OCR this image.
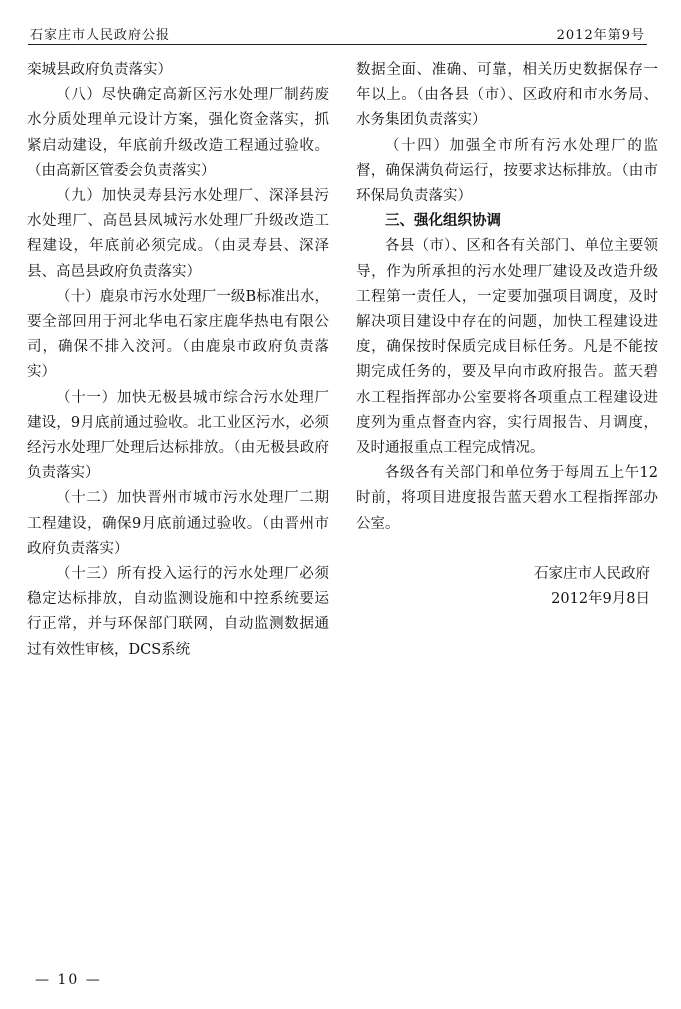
石家庄市人民政府公报	2012年第9号

栾城县政府负责落实）

（八）尽快确定高新区污水处理厂制药废水分质处理单元设计方案，强化资金落实，抓紧启动建设，年底前升级改造工程通过验收。（由高新区管委会负责落实）

（九）加快灵寿县污水处理厂、深泽县污水处理厂、高邑县凤城污水处理厂升级改造工程建设，年底前必须完成。（由灵寿县、深泽县、高邑县政府负责落实）

（十）鹿泉市污水处理厂一级B标准出水，要全部回用于河北华电石家庄鹿华热电有限公司，确保不排入洨河。（由鹿泉市政府负责落实）

（十一）加快无极县城市综合污水处理厂建设，9月底前通过验收。北工业区污水，必须经污水处理厂处理后达标排放。（由无极县政府负责落实）

（十二）加快晋州市城市污水处理厂二期工程建设，确保9月底前通过验收。（由晋州市政府负责落实）

（十三）所有投入运行的污水处理厂必须稳定达标排放，自动监测设施和中控系统要运行正常，并与环保部门联网，自动监测数据通过有效性审核，DCS系统

数据全面、准确、可靠，相关历史数据保存一年以上。（由各县（市）、区政府和市水务局、水务集团负责落实）

（十四）加强全市所有污水处理厂的监督，确保满负荷运行，按要求达标排放。（由市环保局负责落实）

三、强化组织协调

各县（市）、区和各有关部门、单位主要领导，作为所承担的污水处理厂建设及改造升级工程第一责任人，一定要加强项目调度，及时解决项目建设中存在的问题，加快工程建设进度，确保按时保质完成目标任务。凡是不能按期完成任务的，要及早向市政府报告。蓝天碧水工程指挥部办公室要将各项重点工程建设进度列为重点督查内容，实行周报告、月调度，及时通报重点工程完成情况。

各级各有关部门和单位务于每周五上午12时前，将项目进度报告蓝天碧水工程指挥部办公室。

石家庄市人民政府
2012年9月8日
— 10 —
